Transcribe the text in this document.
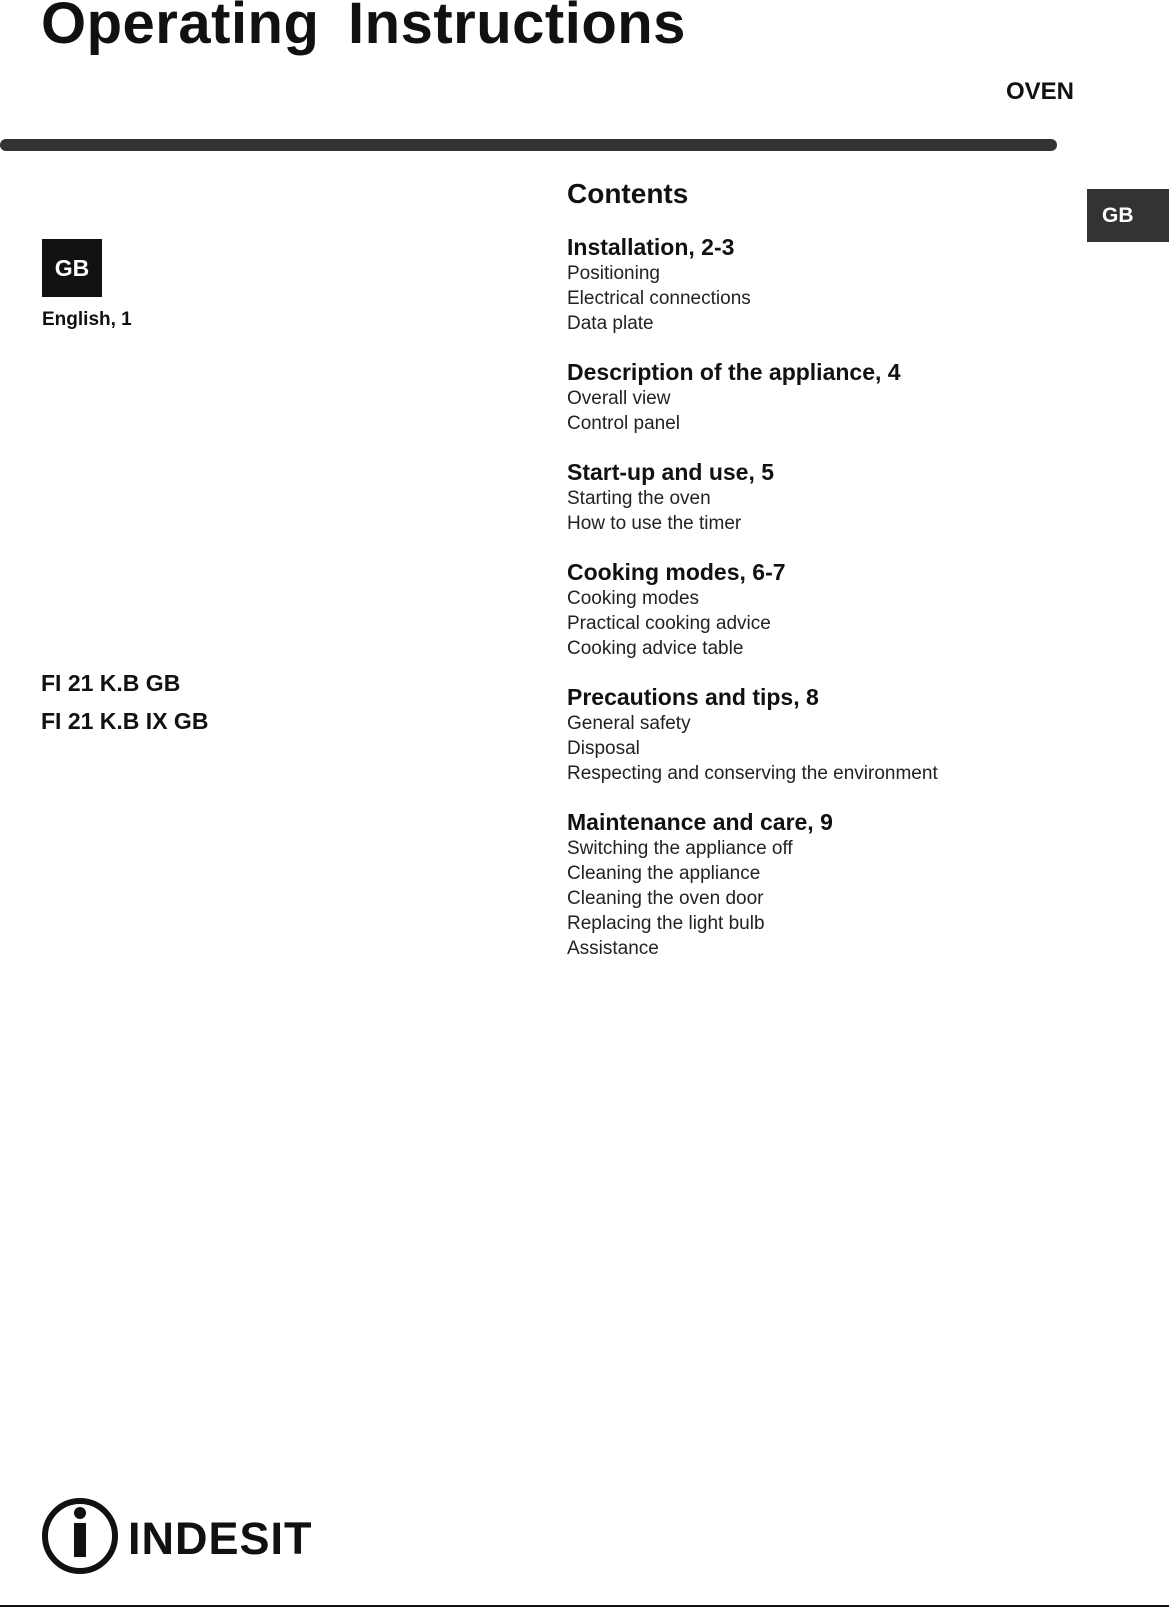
Operating Instructions
OVEN
GB
GB
English, 1
FI 21 K.B GB
FI 21 K.B IX GB
Contents
Installation, 2-3
Positioning
Electrical connections
Data plate
Description of the appliance, 4
Overall view
Control panel
Start-up and use, 5
Starting the oven
How to use the timer
Cooking modes, 6-7
Cooking modes
Practical cooking advice
Cooking advice table
Precautions and tips, 8
General safety
Disposal
Respecting and conserving the environment
Maintenance and care, 9
Switching the appliance off
Cleaning the appliance
Cleaning the oven door
Replacing the light bulb
Assistance
INDESIT
